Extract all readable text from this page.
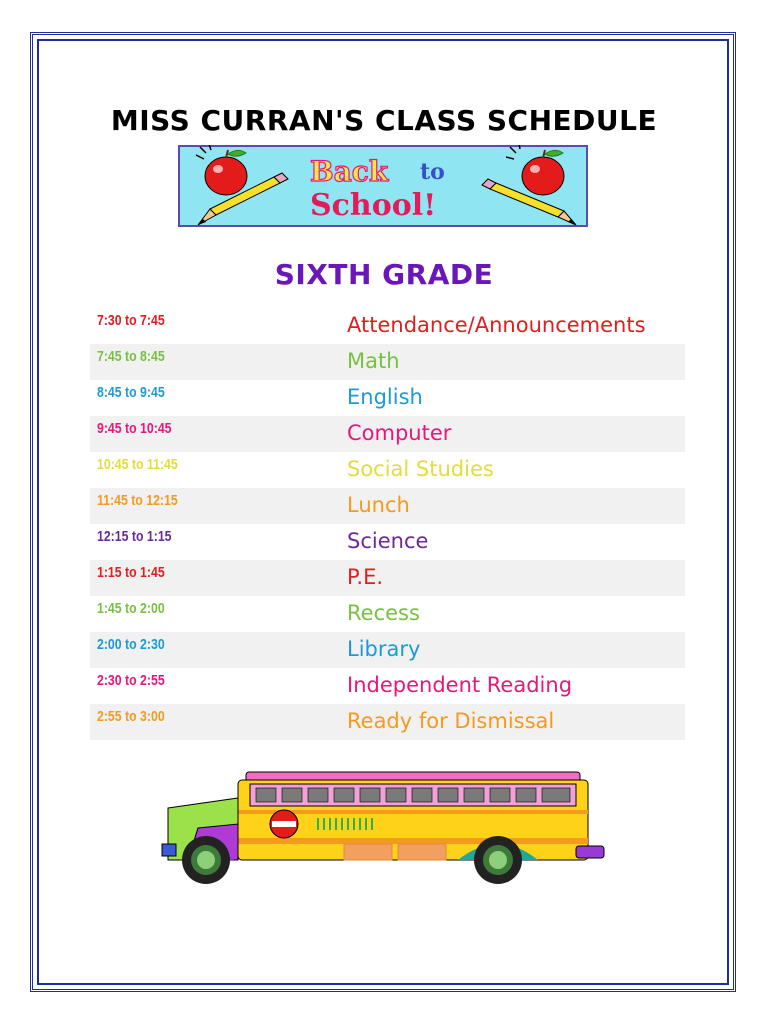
MISS CURRAN'S CLASS SCHEDULE
Back to
School!
SIXTH GRADE
7:30 to 7:45	Attendance/Announcements
7:45 to 8:45	Math
8:45 to 9:45	English
9:45 to 10:45	Computer
10:45 to 11:45	Social Studies
11:45 to 12:15	Lunch
12:15 to 1:15	Science
1:15 to 1:45	P.E.
1:45 to 2:00	Recess
2:00 to 2:30	Library
2:30 to 2:55	Independent Reading
2:55 to 3:00	Ready for Dismissal
